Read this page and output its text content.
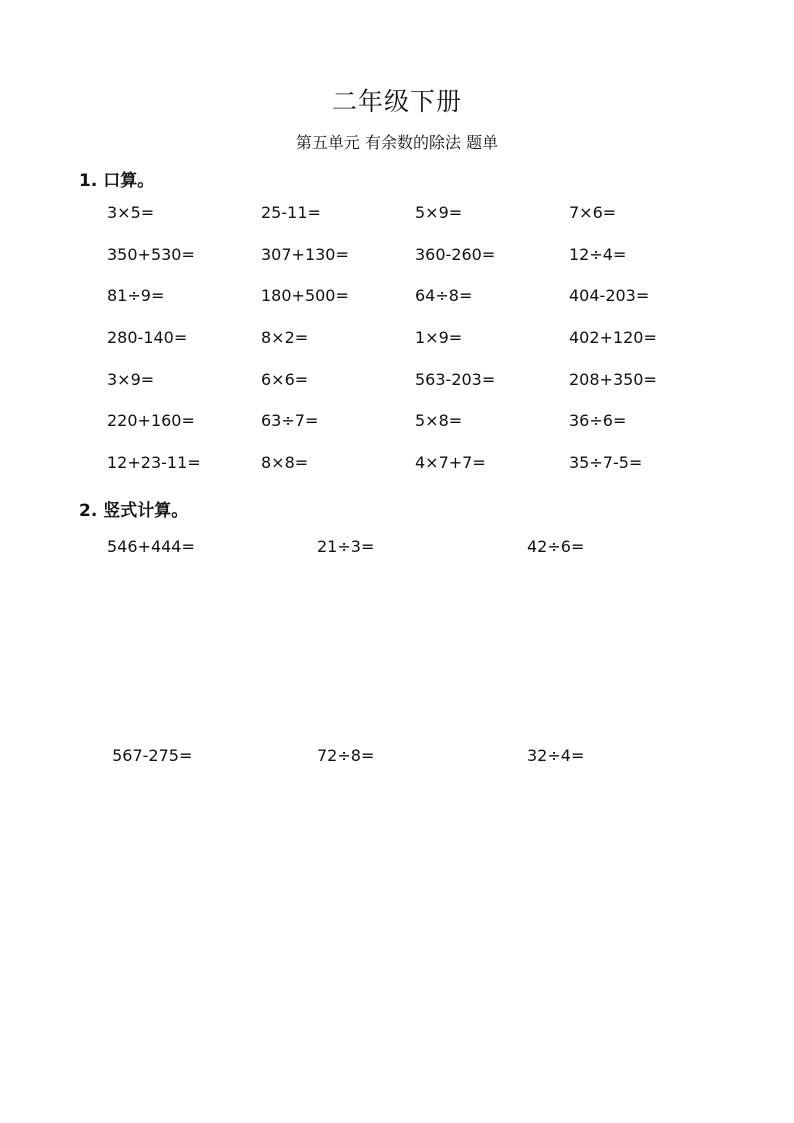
二年级下册
第五单元 有余数的除法 题单
1. 口算。
3×5=	25-11=	5×9=	7×6=
350+530=	307+130=	360-260=	12÷4=
81÷9=	180+500=	64÷8=	404-203=
280-140=	8×2=	1×9=	402+120=
3×9=	6×6=	563-203=	208+350=
220+160=	63÷7=	5×8=	36÷6=
12+23-11=	8×8=	4×7+7=	35÷7-5=
2. 竖式计算。
546+444=	21÷3=	42÷6=
567-275=	72÷8=	32÷4=
